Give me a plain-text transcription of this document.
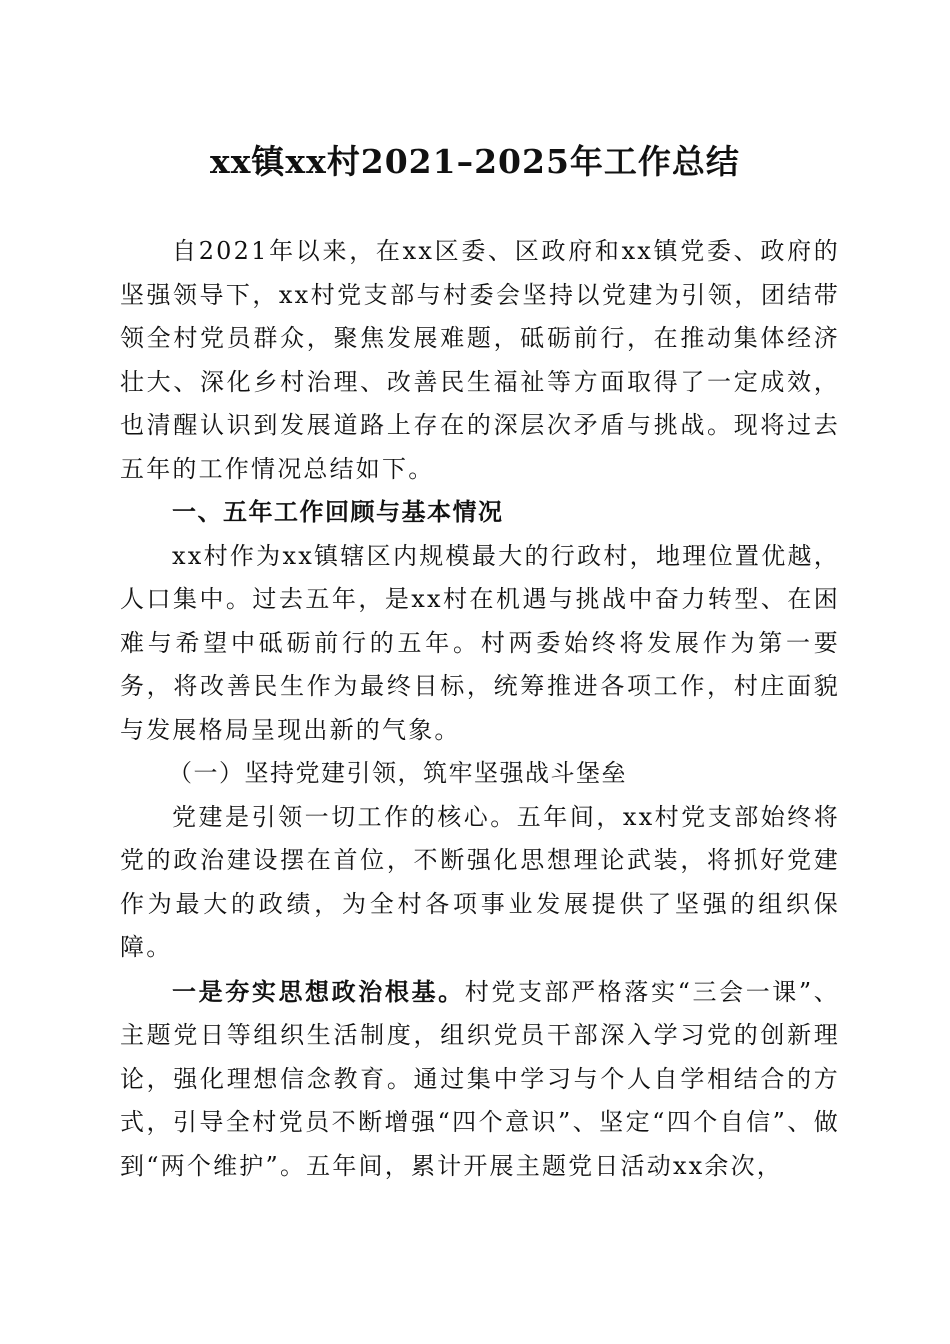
xx镇xx村2021–2025年工作总结

自2021年以来，在xx区委、区政府和xx镇党委、政府的坚强领导下，xx村党支部与村委会坚持以党建为引领，团结带领全村党员群众，聚焦发展难题，砥砺前行，在推动集体经济壮大、深化乡村治理、改善民生福祉等方面取得了一定成效，也清醒认识到发展道路上存在的深层次矛盾与挑战。现将过去五年的工作情况总结如下。

一、五年工作回顾与基本情况

xx村作为xx镇辖区内规模最大的行政村，地理位置优越，人口集中。过去五年，是xx村在机遇与挑战中奋力转型、在困难与希望中砥砺前行的五年。村两委始终将发展作为第一要务，将改善民生作为最终目标，统筹推进各项工作，村庄面貌与发展格局呈现出新的气象。

（一）坚持党建引领，筑牢坚强战斗堡垒

党建是引领一切工作的核心。五年间，xx村党支部始终将党的政治建设摆在首位，不断强化思想理论武装，将抓好党建作为最大的政绩，为全村各项事业发展提供了坚强的组织保障。

一是夯实思想政治根基。村党支部严格落实“三会一课”、主题党日等组织生活制度，组织党员干部深入学习党的创新理论，强化理想信念教育。通过集中学习与个人自学相结合的方式，引导全村党员不断增强“四个意识”、坚定“四个自信”、做到“两个维护”。五年间，累计开展主题党日活动xx余次，
